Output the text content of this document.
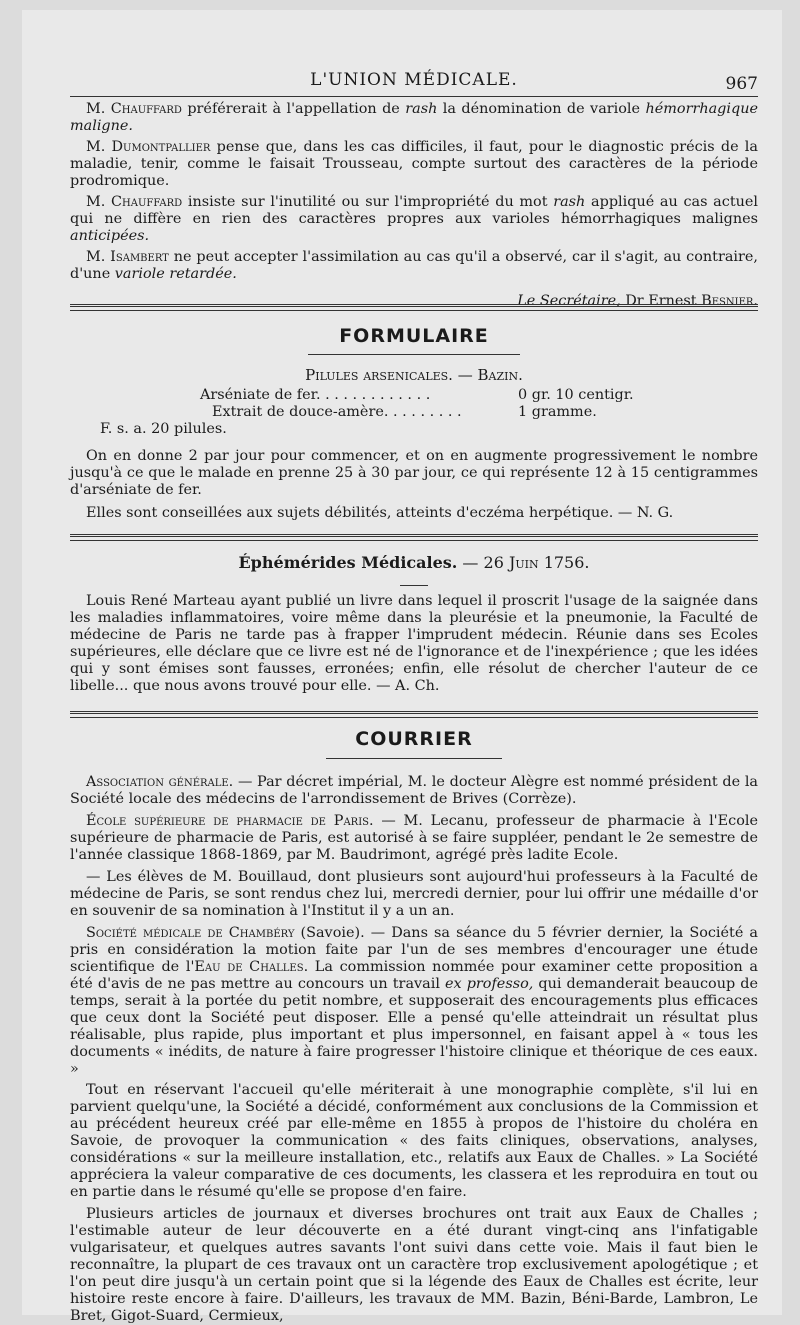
L'UNION MÉDICALE.	967

M. Chauffard préférerait à l'appellation de rash la dénomination de variole hémorrhagique maligne.

M. Dumontpallier pense que, dans les cas difficiles, il faut, pour le diagnostic précis de la maladie, tenir, comme le faisait Trousseau, compte surtout des caractères de la période prodromique.

M. Chauffard insiste sur l'inutilité ou sur l'impropriété du mot rash appliqué au cas actuel qui ne diffère en rien des caractères propres aux varioles hémorrhagiques malignes anticipées.

M. Isambert ne peut accepter l'assimilation au cas qu'il a observé, car il s'agit, au contraire, d'une variole retardée.

Le Secrétaire, Dr Ernest Besnier.

FORMULAIRE

Pilules arsenicales. — Bazin.

Arséniate de fer. . . . . . . . . . . . .	0 gr. 10 centigr.
Extrait de douce-amère. . . . . . . . .	1 gramme.
F. s. a. 20 pilules.

On en donne 2 par jour pour commencer, et on en augmente progressivement le nombre jusqu'à ce que le malade en prenne 25 à 30 par jour, ce qui représente 12 à 15 centigrammes d'arséniate de fer.

Elles sont conseillées aux sujets débilités, atteints d'eczéma herpétique. — N. G.

Éphémérides Médicales. — 26 Juin 1756.

Louis René Marteau ayant publié un livre dans lequel il proscrit l'usage de la saignée dans les maladies inflammatoires, voire même dans la pleurésie et la pneumonie, la Faculté de médecine de Paris ne tarde pas à frapper l'imprudent médecin. Réunie dans ses Ecoles supérieures, elle déclare que ce livre est né de l'ignorance et de l'inexpérience ; que les idées qui y sont émises sont fausses, erronées; enfin, elle résolut de chercher l'auteur de ce libelle... que nous avons trouvé pour elle. — A. Ch.

COURRIER

Association générale. — Par décret impérial, M. le docteur Alègre est nommé président de la Société locale des médecins de l'arrondissement de Brives (Corrèze).

École supérieure de pharmacie de Paris. — M. Lecanu, professeur de pharmacie à l'Ecole supérieure de pharmacie de Paris, est autorisé à se faire suppléer, pendant le 2e semestre de l'année classique 1868-1869, par M. Baudrimont, agrégé près ladite Ecole.

— Les élèves de M. Bouillaud, dont plusieurs sont aujourd'hui professeurs à la Faculté de médecine de Paris, se sont rendus chez lui, mercredi dernier, pour lui offrir une médaille d'or en souvenir de sa nomination à l'Institut il y a un an.

Société médicale de Chambéry (Savoie). — Dans sa séance du 5 février dernier, la Société a pris en considération la motion faite par l'un de ses membres d'encourager une étude scientifique de l'Eau de Challes. La commission nommée pour examiner cette proposition a été d'avis de ne pas mettre au concours un travail ex professo, qui demanderait beaucoup de temps, serait à la portée du petit nombre, et supposerait des encouragements plus efficaces que ceux dont la Société peut disposer. Elle a pensé qu'elle atteindrait un résultat plus réalisable, plus rapide, plus important et plus impersonnel, en faisant appel à « tous les documents « inédits, de nature à faire progresser l'histoire clinique et théorique de ces eaux. »

Tout en réservant l'accueil qu'elle mériterait à une monographie complète, s'il lui en parvient quelqu'une, la Société a décidé, conformément aux conclusions de la Commission et au précédent heureux créé par elle-même en 1855 à propos de l'histoire du choléra en Savoie, de provoquer la communication « des faits cliniques, observations, analyses, considérations « sur la meilleure installation, etc., relatifs aux Eaux de Challes. » La Société appréciera la valeur comparative de ces documents, les classera et les reproduira en tout ou en partie dans le résumé qu'elle se propose d'en faire.

Plusieurs articles de journaux et diverses brochures ont trait aux Eaux de Challes ; l'estimable auteur de leur découverte en a été durant vingt-cinq ans l'infatigable vulgarisateur, et quelques autres savants l'ont suivi dans cette voie. Mais il faut bien le reconnaître, la plupart de ces travaux ont un caractère trop exclusivement apologétique ; et l'on peut dire jusqu'à un certain point que si la légende des Eaux de Challes est écrite, leur histoire reste encore à faire. D'ailleurs, les travaux de MM. Bazin, Béni-Barde, Lambron, Le Bret, Gigot-Suard, Cermieux,
